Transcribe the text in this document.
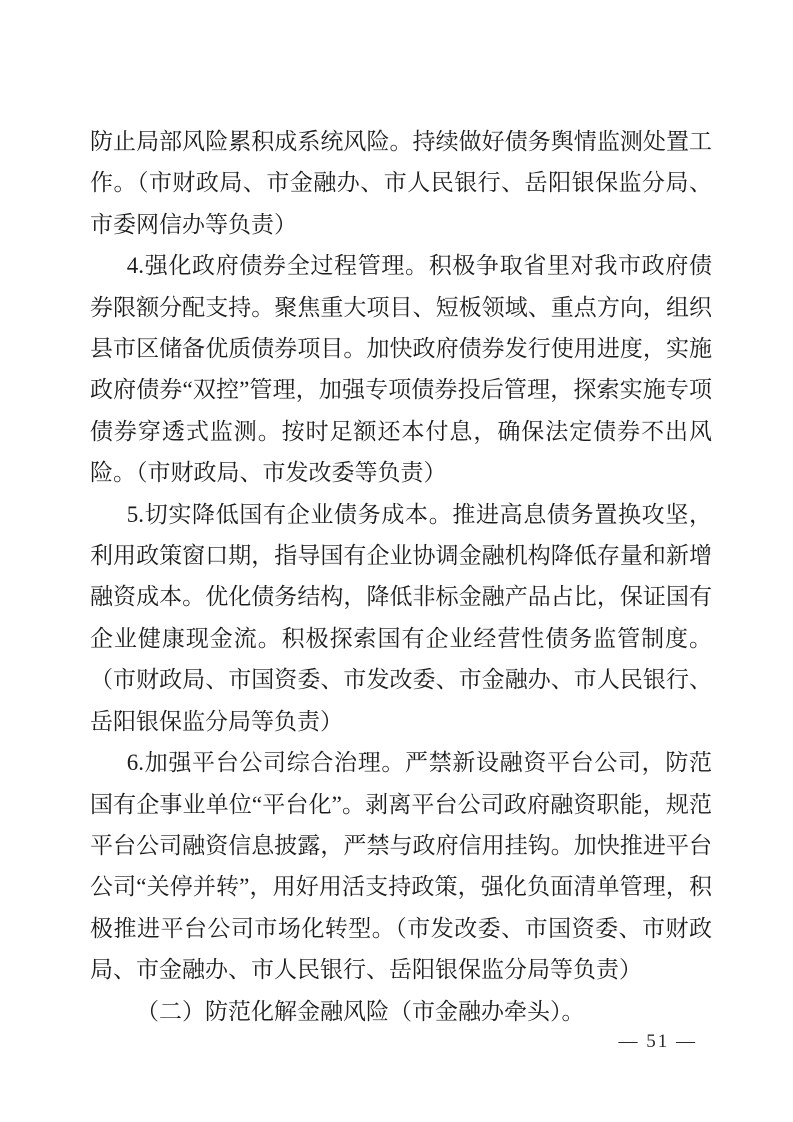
防止局部风险累积成系统风险。持续做好债务舆情监测处置工作。（市财政局、市金融办、市人民银行、岳阳银保监分局、市委网信办等负责）

4.强化政府债券全过程管理。积极争取省里对我市政府债券限额分配支持。聚焦重大项目、短板领域、重点方向，组织县市区储备优质债券项目。加快政府债券发行使用进度，实施政府债券“双控”管理，加强专项债券投后管理，探索实施专项债券穿透式监测。按时足额还本付息，确保法定债券不出风险。（市财政局、市发改委等负责）

5.切实降低国有企业债务成本。推进高息债务置换攻坚，利用政策窗口期，指导国有企业协调金融机构降低存量和新增融资成本。优化债务结构，降低非标金融产品占比，保证国有企业健康现金流。积极探索国有企业经营性债务监管制度。（市财政局、市国资委、市发改委、市金融办、市人民银行、岳阳银保监分局等负责）

6.加强平台公司综合治理。严禁新设融资平台公司，防范国有企事业单位“平台化”。剥离平台公司政府融资职能，规范平台公司融资信息披露，严禁与政府信用挂钩。加快推进平台公司“关停并转”，用好用活支持政策，强化负面清单管理，积极推进平台公司市场化转型。（市发改委、市国资委、市财政局、市金融办、市人民银行、岳阳银保监分局等负责）

（二）防范化解金融风险（市金融办牵头）。

— 51 —
